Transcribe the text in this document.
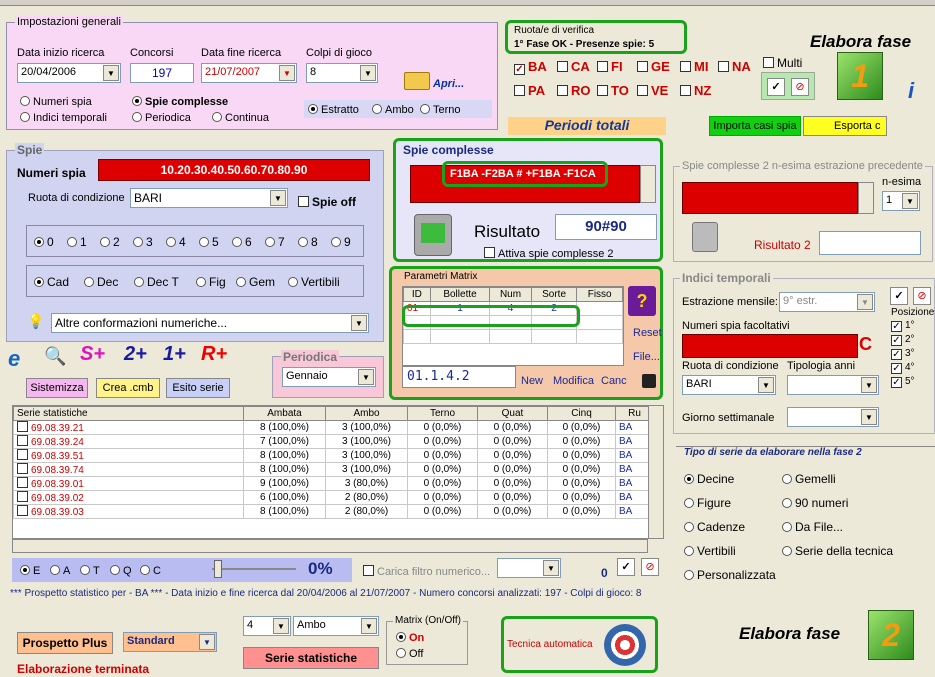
Impostazioni generali
Data inizio ricerca
20/04/2006	▼
Concorsi
197
Data fine ricerca
21/07/2007	▼
Colpi di gioco
8	▼
Apri...
Numeri spia	Spie complesse
Indici temporali	Periodica	Continua
Estratto	Ambo	Terno
Ruota/e di verifica
1° Fase OK - Presenze spie: 5
✓ BA	CA	FI	GE	MI	NA
PA	RO	TO	VE	NZ
Multi
✓	⊘
Elabora fase
1	i
Periodi totali	Importa casi spia	Esporta c
Spie
Numeri spia	10.20.30.40.50.60.70.80.90
Ruota di condizione BARI	▼	Spie off
0	1	2	3	4	5	6	7	8	9
Cad	Dec	Dec T	Fig	Gem	Vertibili
💡 Altre conformazioni numeriche...	▼
Spie complesse
F1BA -F2BA # +F1BA -F1CA
Risultato	90#90
Attiva spie complesse 2
Spie complesse 2 n-esima estrazione precedente
n-esima
1	▼
Risultato 2
Parametri Matrix
ID	Bollette	Num	Sorte	Fisso
01	1	4	2	

					?
Reset
File...
01.1.4.2	New Modifica Canc
e	🔍 S+ 2+ 1+ R+	Periodica
Gennaio	▼
Sistemizza	Crea .cmb	Esito serie
Indici temporali
Estrazione mensile: 9° estr.	▼
Numeri spia facoltativi
C
Ruota di condizione
BARI	▼
Tipologia anni
▼
Giorno settimanale	▼
✓	⊘
Posizione
✓ 1°
✓ 2°
✓ 3°
✓ 4°
✓ 5°
Serie statistiche	Ambata	Ambo	Terno	Quat	Cinq	Ru
69.08.39.21	8 (100,0%)	3 (100,0%)	0 (0,0%)	0 (0,0%)	0 (0,0%)	BA
69.08.39.24	7 (100,0%)	3 (100,0%)	0 (0,0%)	0 (0,0%)	0 (0,0%)	BA
69.08.39.51	8 (100,0%)	3 (100,0%)	0 (0,0%)	0 (0,0%)	0 (0,0%)	BA
69.08.39.74	8 (100,0%)	3 (100,0%)	0 (0,0%)	0 (0,0%)	0 (0,0%)	BA
69.08.39.01	9 (100,0%)	3 (80,0%)	0 (0,0%)	0 (0,0%)	0 (0,0%)	BA
69.08.39.02	6 (100,0%)	2 (80,0%)	0 (0,0%)	0 (0,0%)	0 (0,0%)	BA
69.08.39.03	8 (100,0%)	2 (80,0%)	0 (0,0%)	0 (0,0%)	0 (0,0%)	BA
Tipo di serie da elaborare nella fase 2
Decine	Gemelli
Figure	90 numeri
Cadenze	Da File...
Vertibili	Serie della tecnica
Personalizzata
E	A	T	Q	C	0%	Carica filtro numerico...	▼	0	✓	⊘
*** Prospetto statistico per - BA *** - Data inizio e fine ricerca dal 20/04/2006 al 21/07/2007 - Numero concorsi analizzati: 197 - Colpi di gioco: 8
Prospetto Plus	Standard	▼
Elaborazione terminata
4	▼	Ambo	▼
Serie statistiche
Matrix (On/Off)
On
Off
Tecnica automatica
Elabora fase	2
